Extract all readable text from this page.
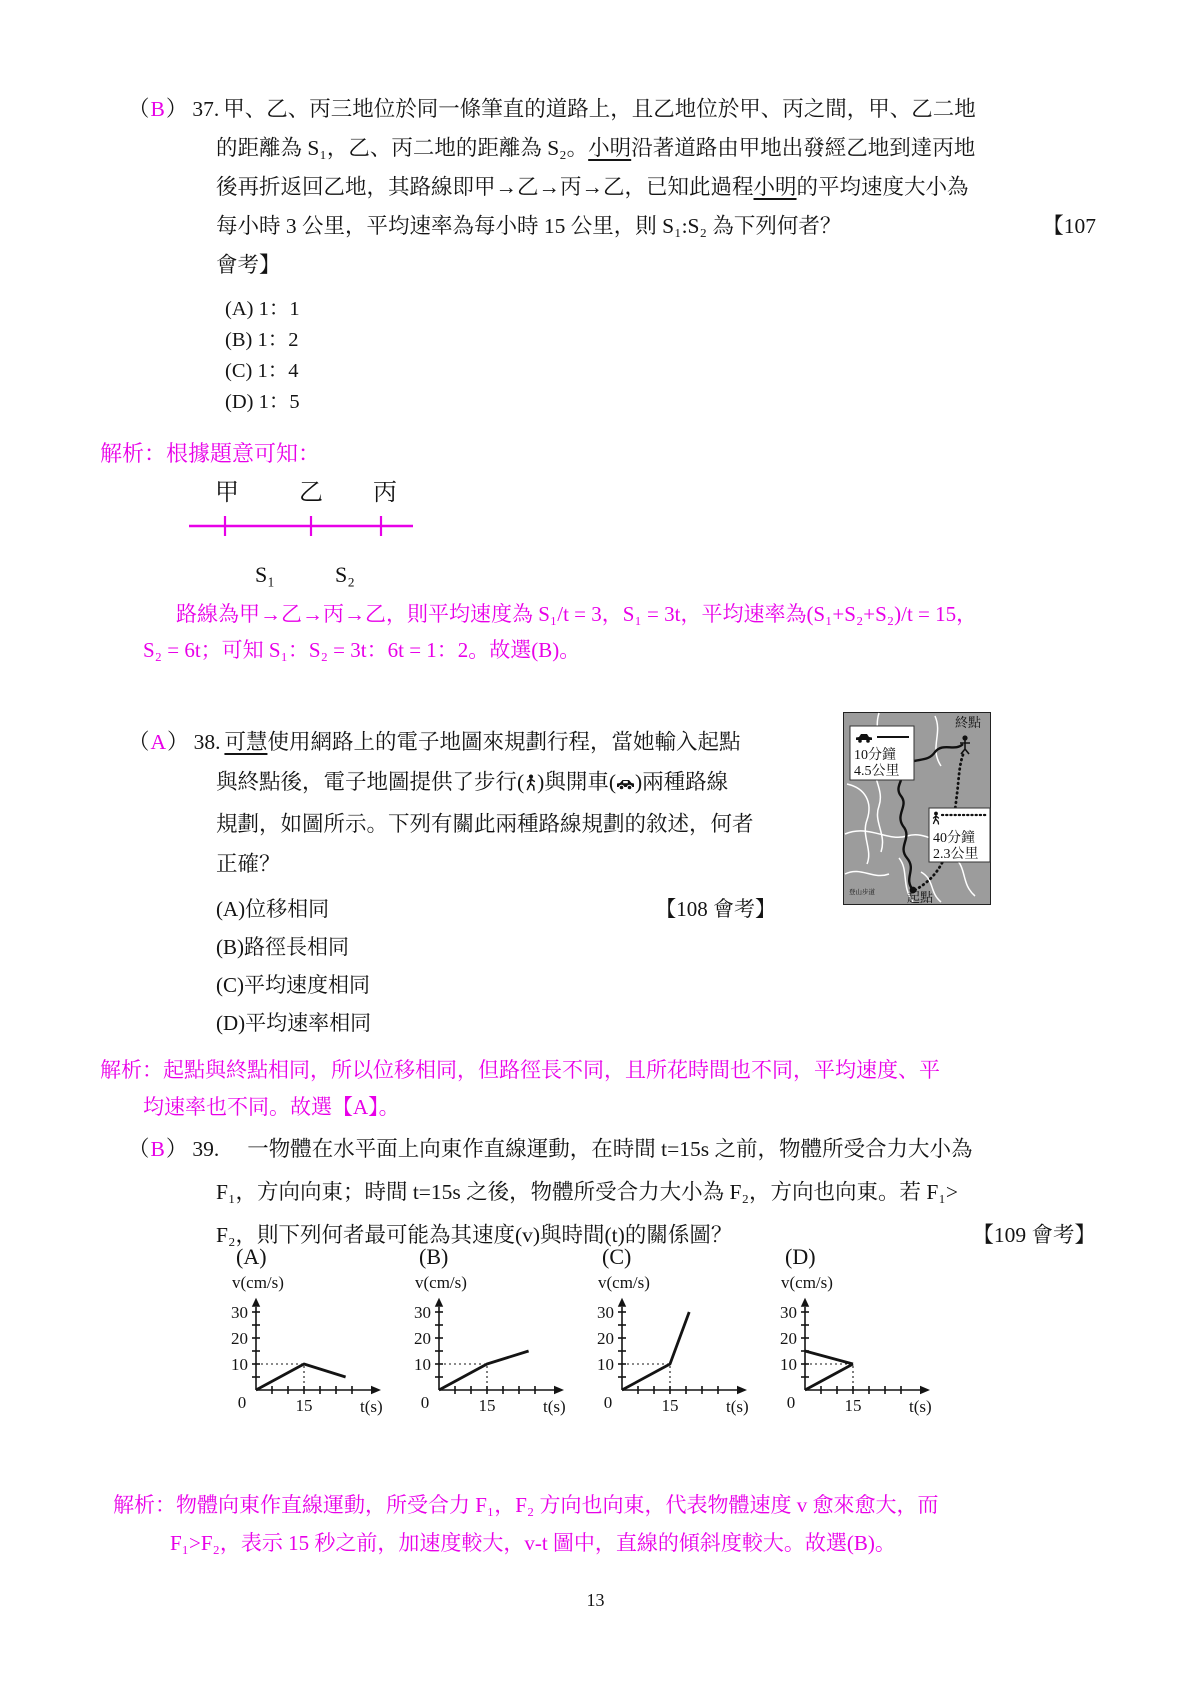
（B） 37. 甲、乙、丙三地位於同一條筆直的道路上，且乙地位於甲、丙之間，甲、乙二地
的距離為 S₁，乙、丙二地的距離為 S₂。小明沿著道路由甲地出發經乙地到達丙地
後再折返回乙地，其路線即甲→乙→丙→乙，已知此過程小明的平均速度大小為
每小時 3 公里，平均速率為每小時 15 公里，則 S₁:S₂ 為下列何者？	【107
會考】
(A) 1：1
(B) 1：2
(C) 1：4
(D) 1：5
解析：根據題意可知：
甲	乙 丙
S₁	S₂
路線為甲→乙→丙→乙，則平均速度為 S₁/t = 3，S₁ = 3t，平均速率為(S₁+S₂+S₂)/t = 15，
S₂ = 6t；可知 S₁：S₂ = 3t：6t = 1：2。故選(B)。
（A） 38. 可慧使用網路上的電子地圖來規劃行程，當她輸入起點
與終點後，電子地圖提供了步行( )與開車( )兩種路線
規劃，如圖所示。下列有關此兩種路線規劃的敘述，何者
正確？
(A)位移相同	【108 會考】
(B)路徑長相同
(C)平均速度相同
(D)平均速率相同
終點
起點
登山步道
10分鐘
4.5公里
40分鐘
2.3公里
解析：起點與終點相同，所以位移相同，但路徑長不同，且所花時間也不同，平均速度、平
均速率也不同。故選【A】。
（B） 39. 一物體在水平面上向東作直線運動，在時間 t=15s 之前，物體所受合力大小為
F₁，方向向東；時間 t=15s 之後，物體所受合力大小為 F₂，方向也向東。若 F₁>
F₂，則下列何者最可能為其速度(v)與時間(t)的關係圖？	【109 會考】
(A)
10
20
30
15
0
v(cm/s)
t(s)
(B)
10
20
30
15
0
v(cm/s)
t(s)
(C)
10
20
30
15
0
v(cm/s)
t(s)
(D)
10
20
30
15
0
v(cm/s)
t(s)
解析：物體向東作直線運動，所受合力 F₁，F₂ 方向也向東，代表物體速度 v 愈來愈大，而
F₁>F₂，表示 15 秒之前，加速度較大，v-t 圖中，直線的傾斜度較大。故選(B)。
13
